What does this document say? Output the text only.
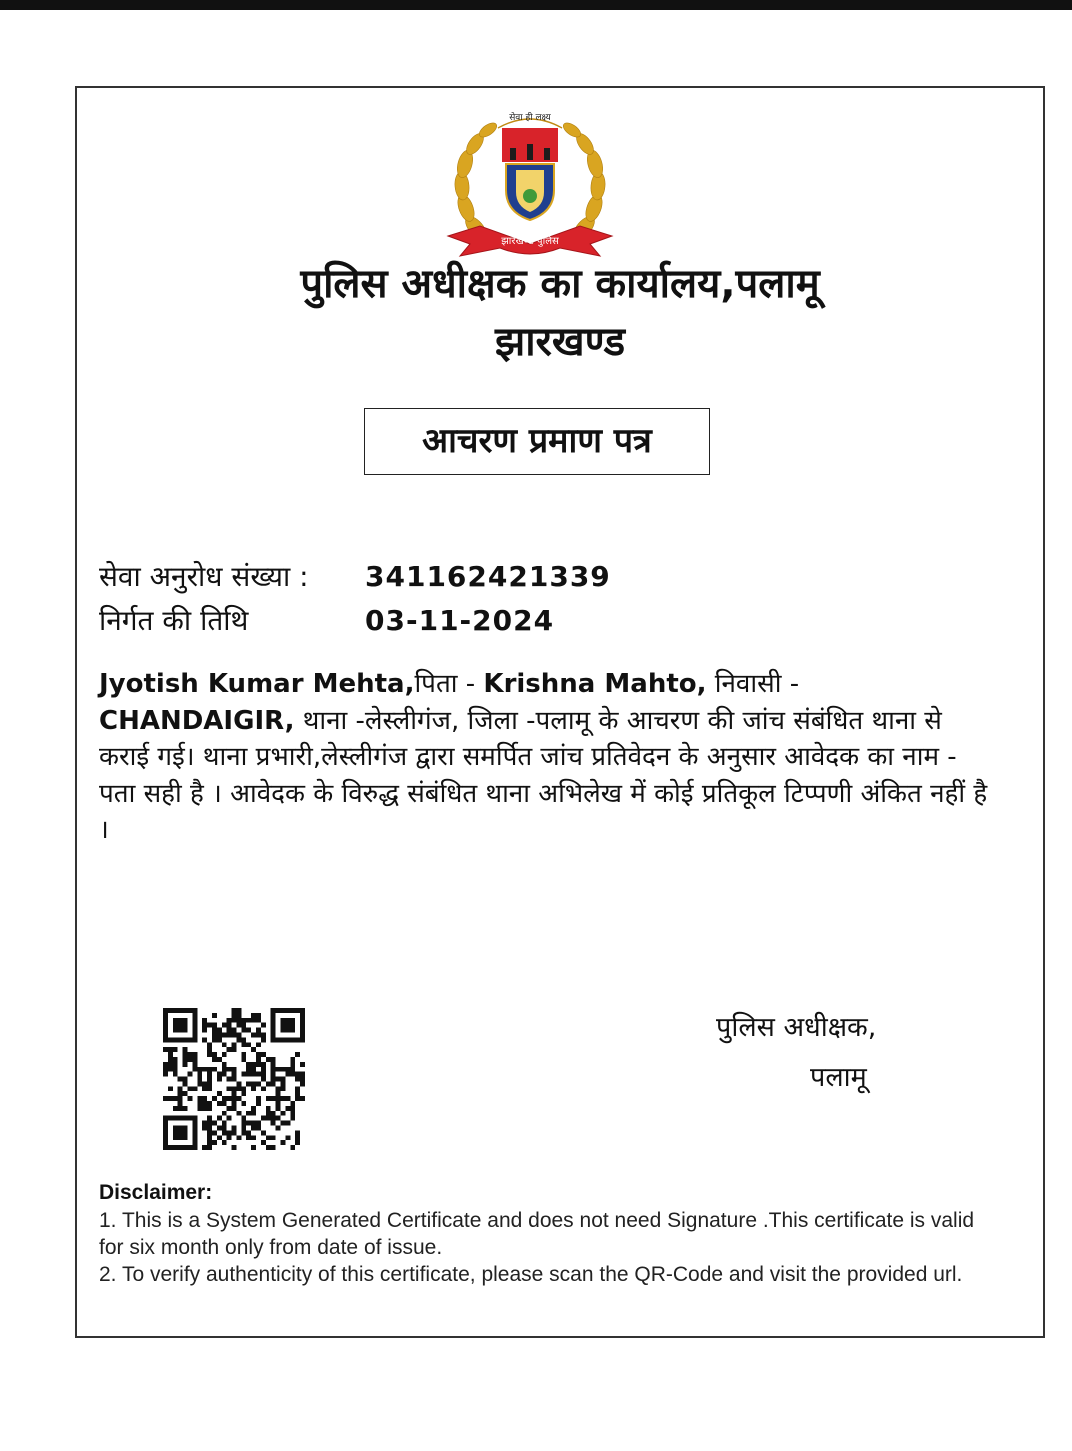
सेवा ही लक्ष्य
झारखण्ड पुलिस
पुलिस अधीक्षक का कार्यालय,पलामू
झारखण्ड
आचरण प्रमाण पत्र
सेवा अनुरोध संख्या : 341162421339
निर्गत की तिथि	03-11-2024
Jyotish Kumar Mehta,पिता - Krishna Mahto, निवासी - CHANDAIGIR, थाना -लेस्लीगंज, जिला -पलामू के आचरण की जांच संबंधित थाना से कराई गई। थाना प्रभारी,लेस्लीगंज द्वारा समर्पित जांच प्रतिवेदन के अनुसार आवेदक का नाम - पता सही है । आवेदक के विरुद्ध संबंधित थाना अभिलेख में कोई प्रतिकूल टिप्पणी अंकित नहीं है ।
पुलिस अधीक्षक,
पलामू
Disclaimer:
1. This is a System Generated Certificate and does not need Signature .This certificate is valid for six month only from date of issue.
2. To verify authenticity of this certificate, please scan the QR-Code and visit the provided url.
